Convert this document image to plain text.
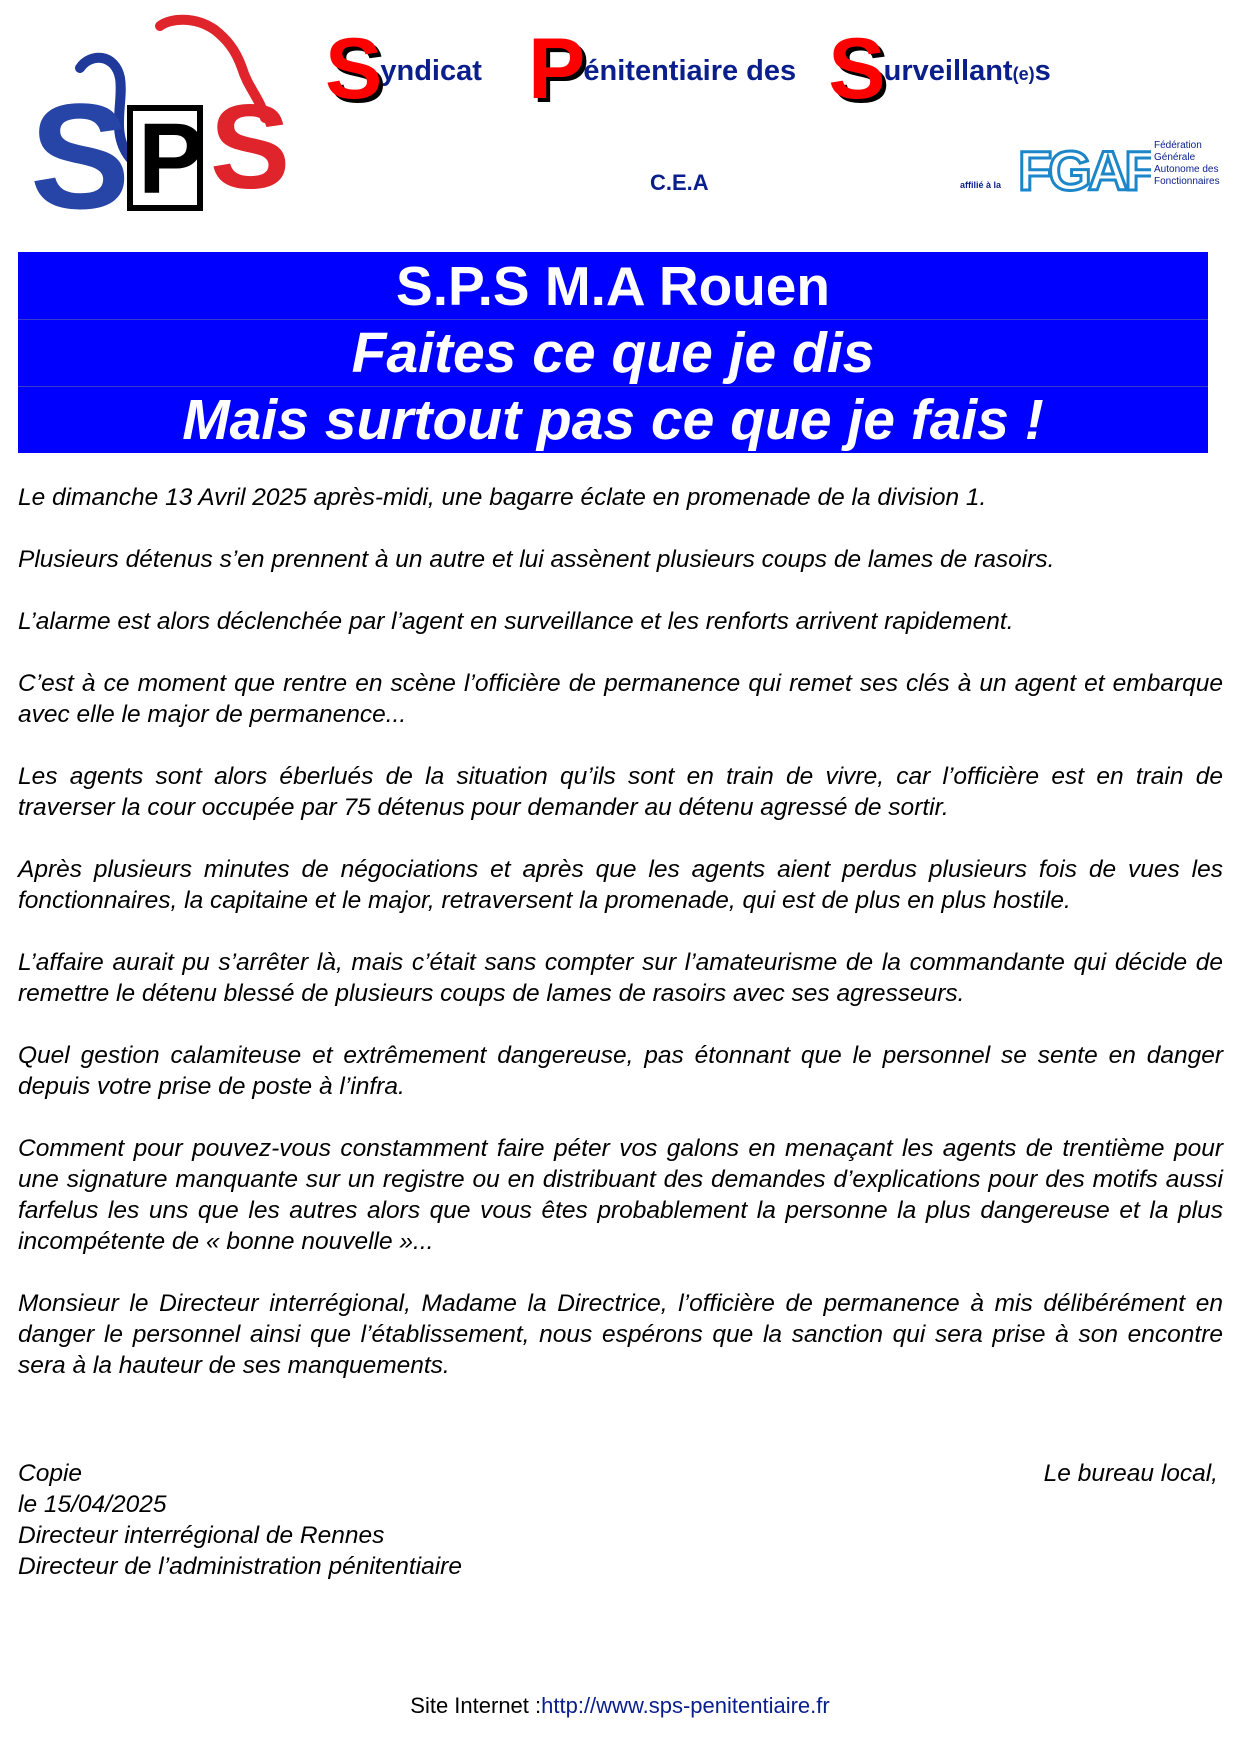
S P S
Syndicat Pénitentiaire des Surveillant(e)s
C.E.A	affilié à la FGAF Fédération
Générale
Autonome des
Fonctionnaires
S.P.S M.A Rouen
Faites ce que je dis
Mais surtout pas ce que je fais !

Le dimanche 13 Avril 2025 après-midi, une bagarre éclate en promenade de la division 1.

Plusieurs détenus s’en prennent à un autre et lui assènent plusieurs coups de lames de rasoirs.

L’alarme est alors déclenchée par l’agent en surveillance et les renforts arrivent rapidement.

C’est à ce moment que rentre en scène l’officière de permanence qui remet ses clés à un agent et embarque avec elle le major de permanence...

Les agents sont alors éberlués de la situation qu’ils sont en train de vivre, car l’officière est en train de traverser la cour occupée par 75 détenus pour demander au détenu agressé de sortir.

Après plusieurs minutes de négociations et après que les agents aient perdus plusieurs fois de vues les fonctionnaires, la capitaine et le major, retraversent la promenade, qui est de plus en plus hostile.

L’affaire aurait pu s’arrêter là, mais c’était sans compter sur l’amateurisme de la commandante qui décide de remettre le détenu blessé de plusieurs coups de lames de rasoirs avec ses agresseurs.

Quel gestion calamiteuse et extrêmement dangereuse, pas étonnant que le personnel se sente en danger depuis votre prise de poste à l’infra.

Comment pour pouvez-vous constamment faire péter vos galons en menaçant les agents de trentième pour une signature manquante sur un registre ou en distribuant des demandes d’explications pour des motifs aussi farfelus les uns que les autres alors que vous êtes probablement la personne la plus dangereuse et la plus incompétente de « bonne nouvelle »...

Monsieur le Directeur interrégional, Madame la Directrice, l’officière de permanence à mis délibérément en danger le personnel ainsi que l’établissement, nous espérons que la sanction qui sera prise à son encontre sera à la hauteur de ses manquements.

Le bureau local,
Copie
le 15/04/2025
Directeur interrégional de Rennes
Directeur de l’administration pénitentiaire
Site Internet :http://www.sps-penitentiaire.fr
